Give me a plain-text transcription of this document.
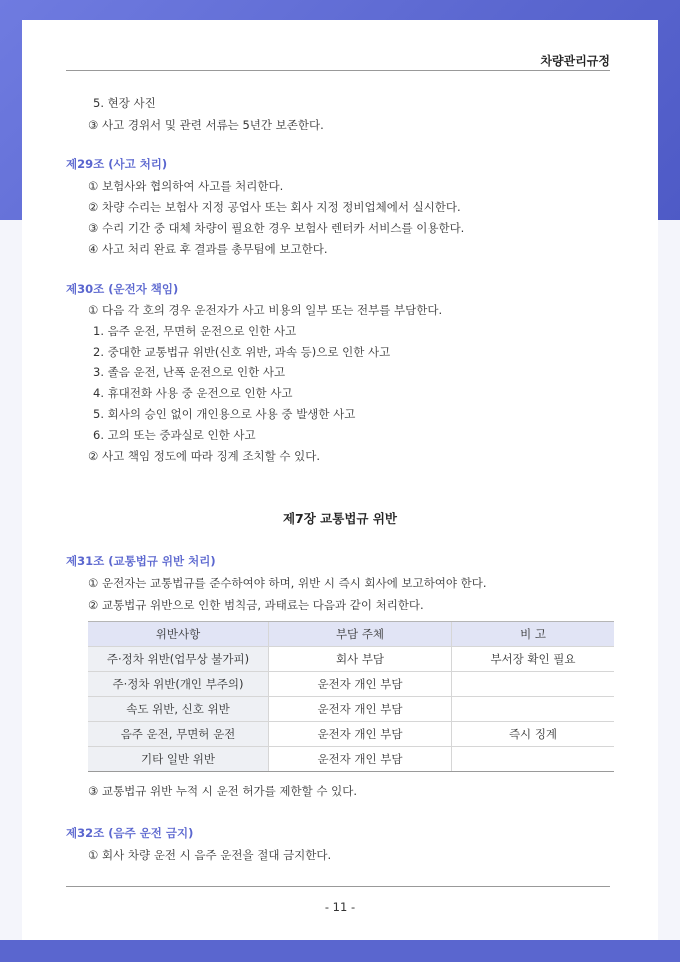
차량관리규정
5. 현장 사진
③ 사고 경위서 및 관련 서류는 5년간 보존한다.
제29조 (사고 처리)
① 보험사와 협의하여 사고를 처리한다.
② 차량 수리는 보험사 지정 공업사 또는 회사 지정 정비업체에서 실시한다.
③ 수리 기간 중 대체 차량이 필요한 경우 보험사 렌터카 서비스를 이용한다.
④ 사고 처리 완료 후 결과를 총무팀에 보고한다.
제30조 (운전자 책임)
① 다음 각 호의 경우 운전자가 사고 비용의 일부 또는 전부를 부담한다.
1. 음주 운전, 무면허 운전으로 인한 사고
2. 중대한 교통법규 위반(신호 위반, 과속 등)으로 인한 사고
3. 졸음 운전, 난폭 운전으로 인한 사고
4. 휴대전화 사용 중 운전으로 인한 사고
5. 회사의 승인 없이 개인용으로 사용 중 발생한 사고
6. 고의 또는 중과실로 인한 사고
② 사고 책임 정도에 따라 징계 조치할 수 있다.
제7장 교통법규 위반
제31조 (교통법규 위반 처리)
① 운전자는 교통법규를 준수하여야 하며, 위반 시 즉시 회사에 보고하여야 한다.
② 교통법규 위반으로 인한 범칙금, 과태료는 다음과 같이 처리한다.
위반사항	부담 주체	비 고
주·정차 위반(업무상 불가피)	회사 부담	부서장 확인 필요
주·정차 위반(개인 부주의)	운전자 개인 부담	
속도 위반, 신호 위반	운전자 개인 부담	
음주 운전, 무면허 운전	운전자 개인 부담	즉시 징계
기타 일반 위반	운전자 개인 부담	
③ 교통법규 위반 누적 시 운전 허가를 제한할 수 있다.
제32조 (음주 운전 금지)
① 회사 차량 운전 시 음주 운전을 절대 금지한다.
- 11 -
